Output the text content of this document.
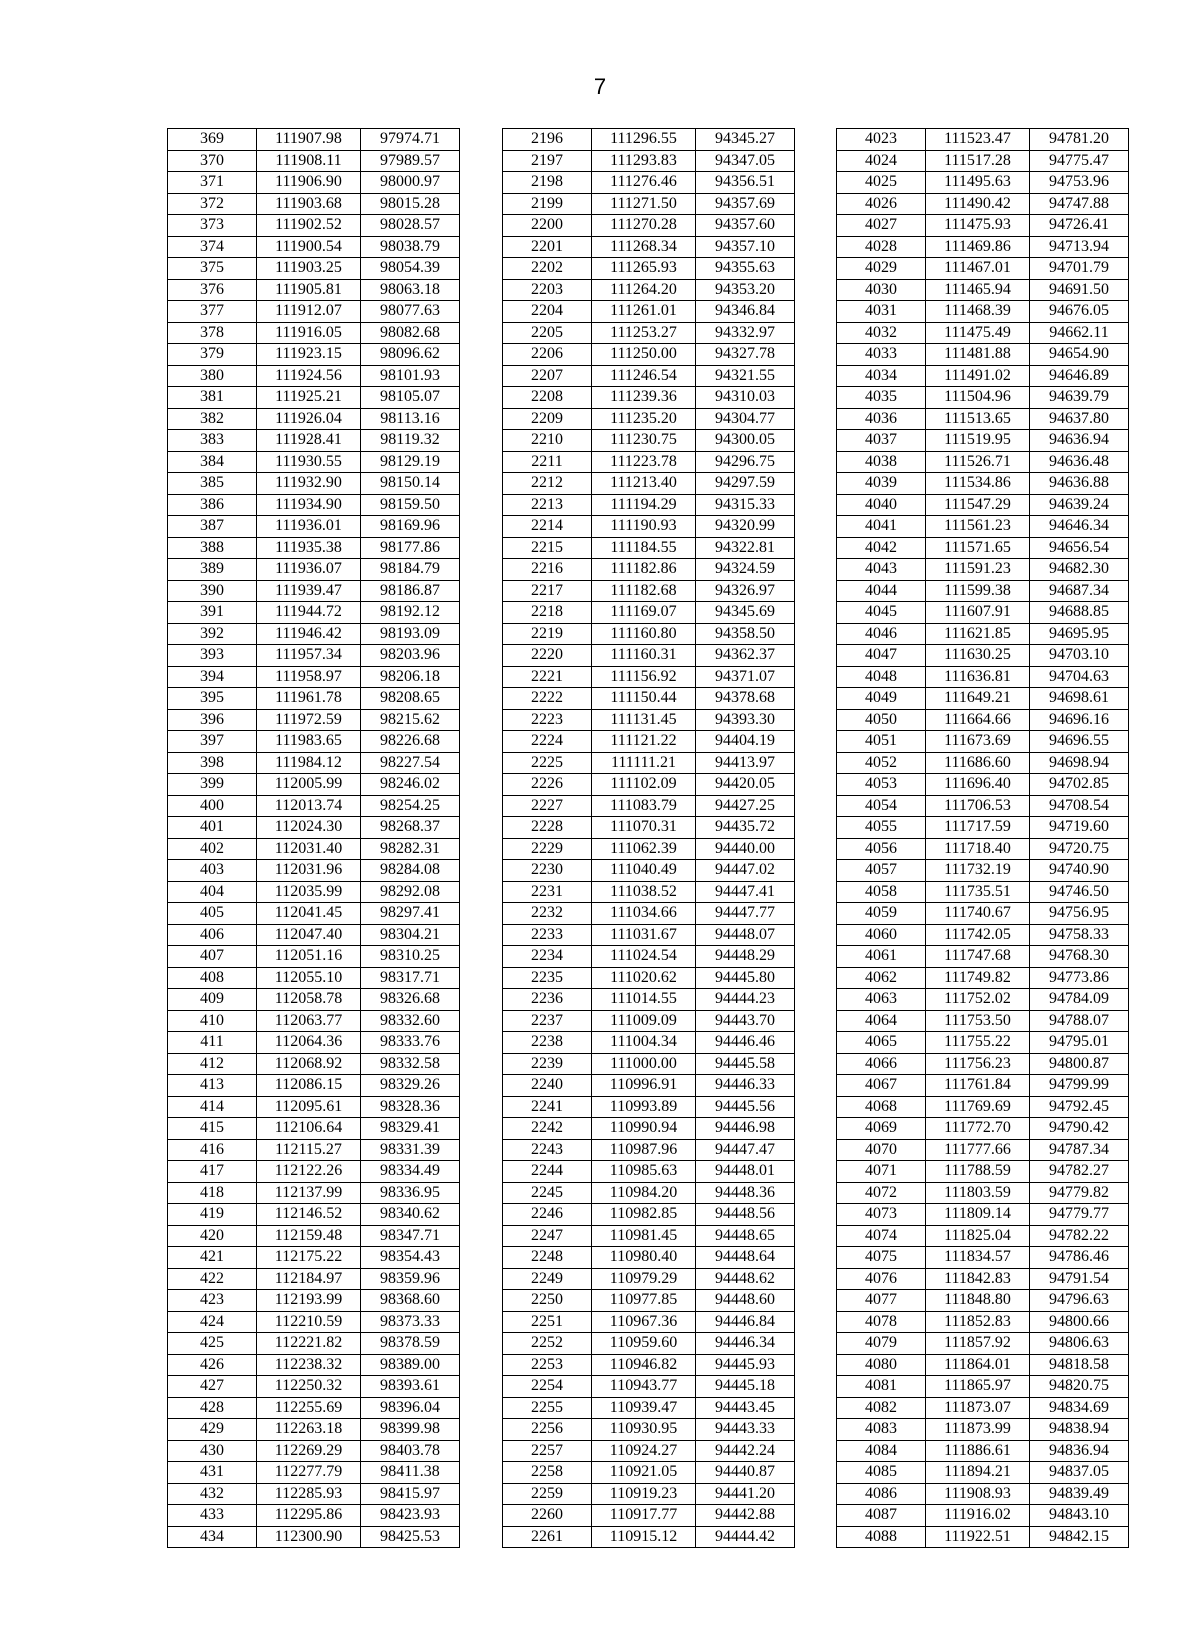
7
369	111907.98	97974.71
370	111908.11	97989.57
371	111906.90	98000.97
372	111903.68	98015.28
373	111902.52	98028.57
374	111900.54	98038.79
375	111903.25	98054.39
376	111905.81	98063.18
377	111912.07	98077.63
378	111916.05	98082.68
379	111923.15	98096.62
380	111924.56	98101.93
381	111925.21	98105.07
382	111926.04	98113.16
383	111928.41	98119.32
384	111930.55	98129.19
385	111932.90	98150.14
386	111934.90	98159.50
387	111936.01	98169.96
388	111935.38	98177.86
389	111936.07	98184.79
390	111939.47	98186.87
391	111944.72	98192.12
392	111946.42	98193.09
393	111957.34	98203.96
394	111958.97	98206.18
395	111961.78	98208.65
396	111972.59	98215.62
397	111983.65	98226.68
398	111984.12	98227.54
399	112005.99	98246.02
400	112013.74	98254.25
401	112024.30	98268.37
402	112031.40	98282.31
403	112031.96	98284.08
404	112035.99	98292.08
405	112041.45	98297.41
406	112047.40	98304.21
407	112051.16	98310.25
408	112055.10	98317.71
409	112058.78	98326.68
410	112063.77	98332.60
411	112064.36	98333.76
412	112068.92	98332.58
413	112086.15	98329.26
414	112095.61	98328.36
415	112106.64	98329.41
416	112115.27	98331.39
417	112122.26	98334.49
418	112137.99	98336.95
419	112146.52	98340.62
420	112159.48	98347.71
421	112175.22	98354.43
422	112184.97	98359.96
423	112193.99	98368.60
424	112210.59	98373.33
425	112221.82	98378.59
426	112238.32	98389.00
427	112250.32	98393.61
428	112255.69	98396.04
429	112263.18	98399.98
430	112269.29	98403.78
431	112277.79	98411.38
432	112285.93	98415.97
433	112295.86	98423.93
434	112300.90	98425.53
2196	111296.55	94345.27
2197	111293.83	94347.05
2198	111276.46	94356.51
2199	111271.50	94357.69
2200	111270.28	94357.60
2201	111268.34	94357.10
2202	111265.93	94355.63
2203	111264.20	94353.20
2204	111261.01	94346.84
2205	111253.27	94332.97
2206	111250.00	94327.78
2207	111246.54	94321.55
2208	111239.36	94310.03
2209	111235.20	94304.77
2210	111230.75	94300.05
2211	111223.78	94296.75
2212	111213.40	94297.59
2213	111194.29	94315.33
2214	111190.93	94320.99
2215	111184.55	94322.81
2216	111182.86	94324.59
2217	111182.68	94326.97
2218	111169.07	94345.69
2219	111160.80	94358.50
2220	111160.31	94362.37
2221	111156.92	94371.07
2222	111150.44	94378.68
2223	111131.45	94393.30
2224	111121.22	94404.19
2225	111111.21	94413.97
2226	111102.09	94420.05
2227	111083.79	94427.25
2228	111070.31	94435.72
2229	111062.39	94440.00
2230	111040.49	94447.02
2231	111038.52	94447.41
2232	111034.66	94447.77
2233	111031.67	94448.07
2234	111024.54	94448.29
2235	111020.62	94445.80
2236	111014.55	94444.23
2237	111009.09	94443.70
2238	111004.34	94446.46
2239	111000.00	94445.58
2240	110996.91	94446.33
2241	110993.89	94445.56
2242	110990.94	94446.98
2243	110987.96	94447.47
2244	110985.63	94448.01
2245	110984.20	94448.36
2246	110982.85	94448.56
2247	110981.45	94448.65
2248	110980.40	94448.64
2249	110979.29	94448.62
2250	110977.85	94448.60
2251	110967.36	94446.84
2252	110959.60	94446.34
2253	110946.82	94445.93
2254	110943.77	94445.18
2255	110939.47	94443.45
2256	110930.95	94443.33
2257	110924.27	94442.24
2258	110921.05	94440.87
2259	110919.23	94441.20
2260	110917.77	94442.88
2261	110915.12	94444.42
4023	111523.47	94781.20
4024	111517.28	94775.47
4025	111495.63	94753.96
4026	111490.42	94747.88
4027	111475.93	94726.41
4028	111469.86	94713.94
4029	111467.01	94701.79
4030	111465.94	94691.50
4031	111468.39	94676.05
4032	111475.49	94662.11
4033	111481.88	94654.90
4034	111491.02	94646.89
4035	111504.96	94639.79
4036	111513.65	94637.80
4037	111519.95	94636.94
4038	111526.71	94636.48
4039	111534.86	94636.88
4040	111547.29	94639.24
4041	111561.23	94646.34
4042	111571.65	94656.54
4043	111591.23	94682.30
4044	111599.38	94687.34
4045	111607.91	94688.85
4046	111621.85	94695.95
4047	111630.25	94703.10
4048	111636.81	94704.63
4049	111649.21	94698.61
4050	111664.66	94696.16
4051	111673.69	94696.55
4052	111686.60	94698.94
4053	111696.40	94702.85
4054	111706.53	94708.54
4055	111717.59	94719.60
4056	111718.40	94720.75
4057	111732.19	94740.90
4058	111735.51	94746.50
4059	111740.67	94756.95
4060	111742.05	94758.33
4061	111747.68	94768.30
4062	111749.82	94773.86
4063	111752.02	94784.09
4064	111753.50	94788.07
4065	111755.22	94795.01
4066	111756.23	94800.87
4067	111761.84	94799.99
4068	111769.69	94792.45
4069	111772.70	94790.42
4070	111777.66	94787.34
4071	111788.59	94782.27
4072	111803.59	94779.82
4073	111809.14	94779.77
4074	111825.04	94782.22
4075	111834.57	94786.46
4076	111842.83	94791.54
4077	111848.80	94796.63
4078	111852.83	94800.66
4079	111857.92	94806.63
4080	111864.01	94818.58
4081	111865.97	94820.75
4082	111873.07	94834.69
4083	111873.99	94838.94
4084	111886.61	94836.94
4085	111894.21	94837.05
4086	111908.93	94839.49
4087	111916.02	94843.10
4088	111922.51	94842.15
